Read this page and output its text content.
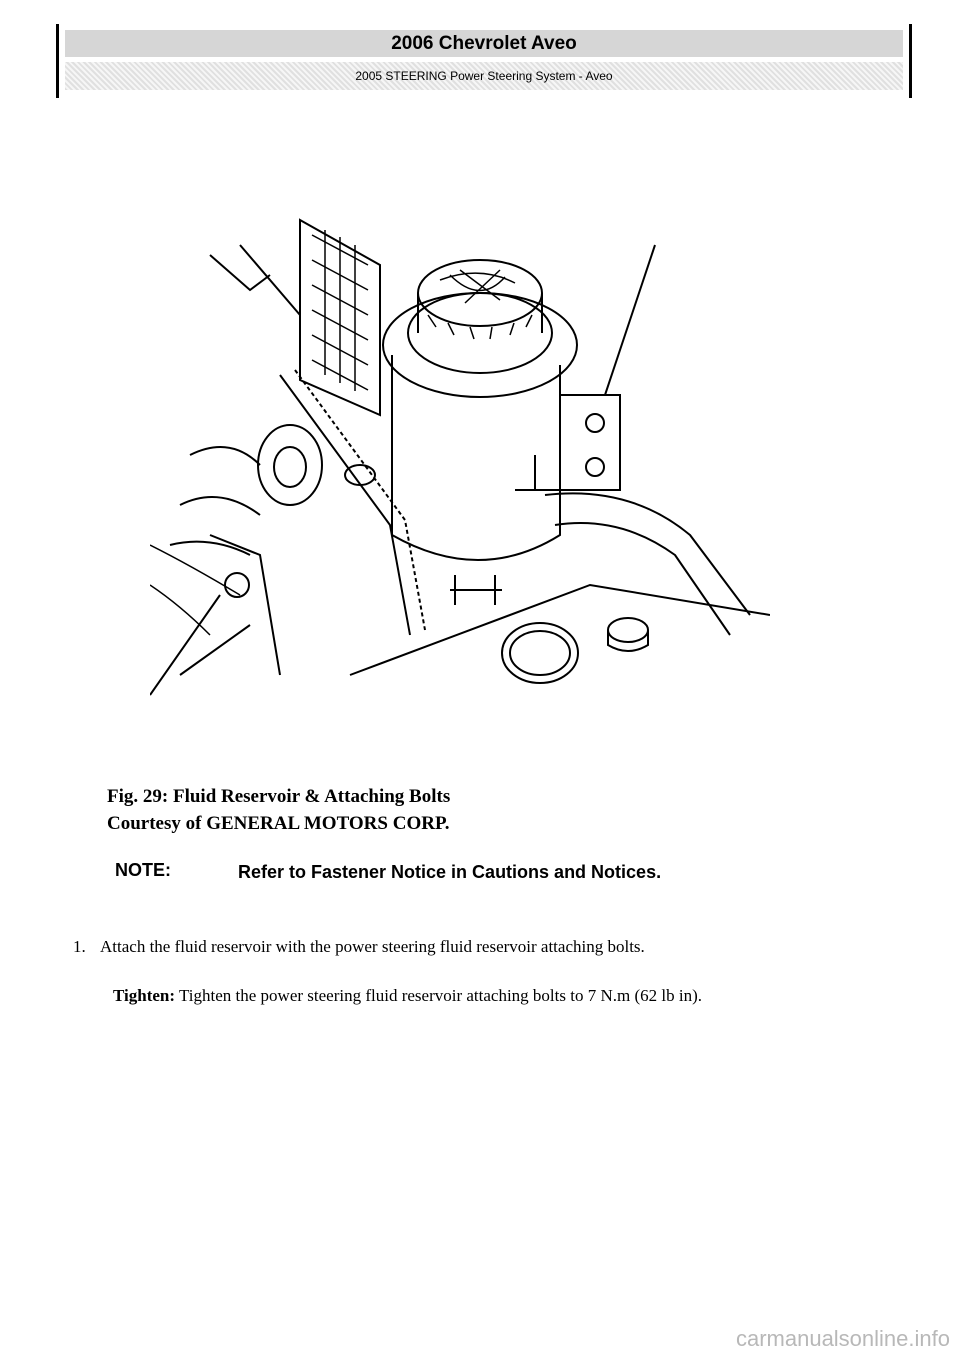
2006 Chevrolet Aveo
2005 STEERING Power Steering System - Aveo
Fig. 29: Fluid Reservoir & Attaching Bolts
Courtesy of GENERAL MOTORS CORP.
NOTE:	Refer to Fastener Notice in Cautions and Notices.
1. Attach the fluid reservoir with the power steering fluid reservoir attaching bolts.
Tighten: Tighten the power steering fluid reservoir attaching bolts to 7 N.m (62 lb in).
carmanualsonline.info
